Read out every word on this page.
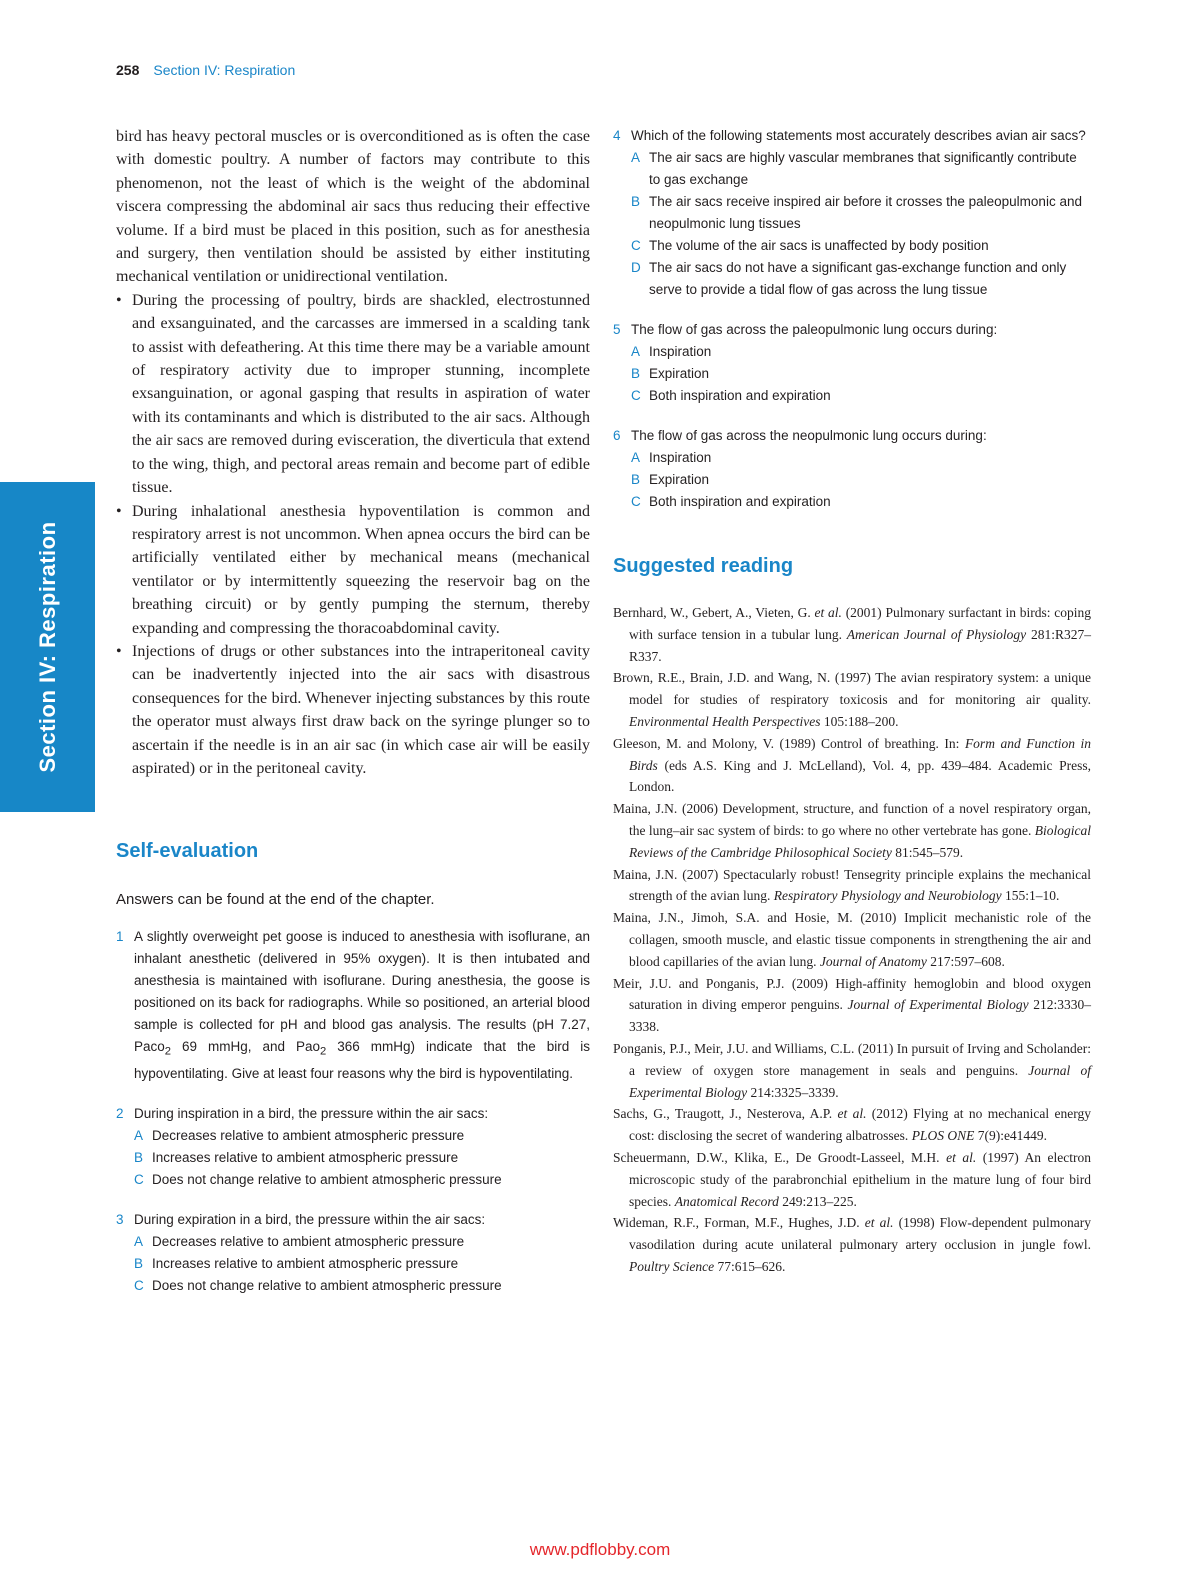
258 Section IV: Respiration
Section IV: Respiration
bird has heavy pectoral muscles or is overconditioned as is often the case with domestic poultry. A number of factors may contribute to this phenomenon, not the least of which is the weight of the abdominal viscera compressing the abdominal air sacs thus reducing their effective volume. If a bird must be placed in this position, such as for anesthesia and surgery, then ventilation should be assisted by either instituting mechanical ventilation or unidirectional ventilation.
• During the processing of poultry, birds are shackled, electrostunned and exsanguinated, and the carcasses are immersed in a scalding tank to assist with defeathering. At this time there may be a variable amount of respiratory activity due to improper stunning, incomplete exsanguination, or agonal gasping that results in aspiration of water with its contaminants and which is distributed to the air sacs. Although the air sacs are removed during evisceration, the diverticula that extend to the wing, thigh, and pectoral areas remain and become part of edible tissue.
• During inhalational anesthesia hypoventilation is common and respiratory arrest is not uncommon. When apnea occurs the bird can be artificially ventilated either by mechanical means (mechanical ventilator or by intermittently squeezing the reservoir bag on the breathing circuit) or by gently pumping the sternum, thereby expanding and compressing the thoracoabdominal cavity.
• Injections of drugs or other substances into the intraperitoneal cavity can be inadvertently injected into the air sacs with disastrous consequences for the bird. Whenever injecting substances by this route the operator must always first draw back on the syringe plunger so to ascertain if the needle is in an air sac (in which case air will be easily aspirated) or in the peritoneal cavity.
Self-evaluation

Answers can be found at the end of the chapter.

1 A slightly overweight pet goose is induced to anesthesia with isoflurane, an inhalant anesthetic (delivered in 95% oxygen). It is then intubated and anesthesia is maintained with isoflurane. During anesthesia, the goose is positioned on its back for radiographs. While so positioned, an arterial blood sample is collected for pH and blood gas analysis. The results (pH 7.27, Paco$_2$ 69 mmHg, and Pao$_2$ 366 mmHg) indicate that the bird is hypoventilating. Give at least four reasons why the bird is hypoventilating.
2 During inspiration in a bird, the pressure within the air sacs:
A Decreases relative to ambient atmospheric pressure
B Increases relative to ambient atmospheric pressure
C Does not change relative to ambient atmospheric pressure
3 During expiration in a bird, the pressure within the air sacs:
A Decreases relative to ambient atmospheric pressure
B Increases relative to ambient atmospheric pressure
C Does not change relative to ambient atmospheric pressure
4 Which of the following statements most accurately describes avian air sacs?
A The air sacs are highly vascular membranes that significantly contribute to gas exchange
B The air sacs receive inspired air before it crosses the paleopulmonic and neopulmonic lung tissues
C The volume of the air sacs is unaffected by body position
D The air sacs do not have a significant gas-exchange function and only serve to provide a tidal flow of gas across the lung tissue
5 The flow of gas across the paleopulmonic lung occurs during:
A Inspiration
B Expiration
C Both inspiration and expiration
6 The flow of gas across the neopulmonic lung occurs during:
A Inspiration
B Expiration
C Both inspiration and expiration
Suggested reading
Bernhard, W., Gebert, A., Vieten, G. et al. (2001) Pulmonary surfactant in birds: coping with surface tension in a tubular lung. American Journal of Physiology 281:R327–R337.
Brown, R.E., Brain, J.D. and Wang, N. (1997) The avian respiratory system: a unique model for studies of respiratory toxicosis and for monitoring air quality. Environmental Health Perspectives 105:188–200.
Gleeson, M. and Molony, V. (1989) Control of breathing. In: Form and Function in Birds (eds A.S. King and J. McLelland), Vol. 4, pp. 439–484. Academic Press, London.
Maina, J.N. (2006) Development, structure, and function of a novel respiratory organ, the lung–air sac system of birds: to go where no other vertebrate has gone. Biological Reviews of the Cambridge Philosophical Society 81:545–579.
Maina, J.N. (2007) Spectacularly robust! Tensegrity principle explains the mechanical strength of the avian lung. Respiratory Physiology and Neurobiology 155:1–10.
Maina, J.N., Jimoh, S.A. and Hosie, M. (2010) Implicit mechanistic role of the collagen, smooth muscle, and elastic tissue components in strengthening the air and blood capillaries of the avian lung. Journal of Anatomy 217:597–608.
Meir, J.U. and Ponganis, P.J. (2009) High-affinity hemoglobin and blood oxygen saturation in diving emperor penguins. Journal of Experimental Biology 212:3330–3338.
Ponganis, P.J., Meir, J.U. and Williams, C.L. (2011) In pursuit of Irving and Scholander: a review of oxygen store management in seals and penguins. Journal of Experimental Biology 214:3325–3339.
Sachs, G., Traugott, J., Nesterova, A.P. et al. (2012) Flying at no mechanical energy cost: disclosing the secret of wandering albatrosses. PLOS ONE 7(9):e41449.
Scheuermann, D.W., Klika, E., De Groodt-Lasseel, M.H. et al. (1997) An electron microscopic study of the parabronchial epithelium in the mature lung of four bird species. Anatomical Record 249:213–225.
Wideman, R.F., Forman, M.F., Hughes, J.D. et al. (1998) Flow-dependent pulmonary vasodilation during acute unilateral pulmonary artery occlusion in jungle fowl. Poultry Science 77:615–626.
www.pdflobby.com
